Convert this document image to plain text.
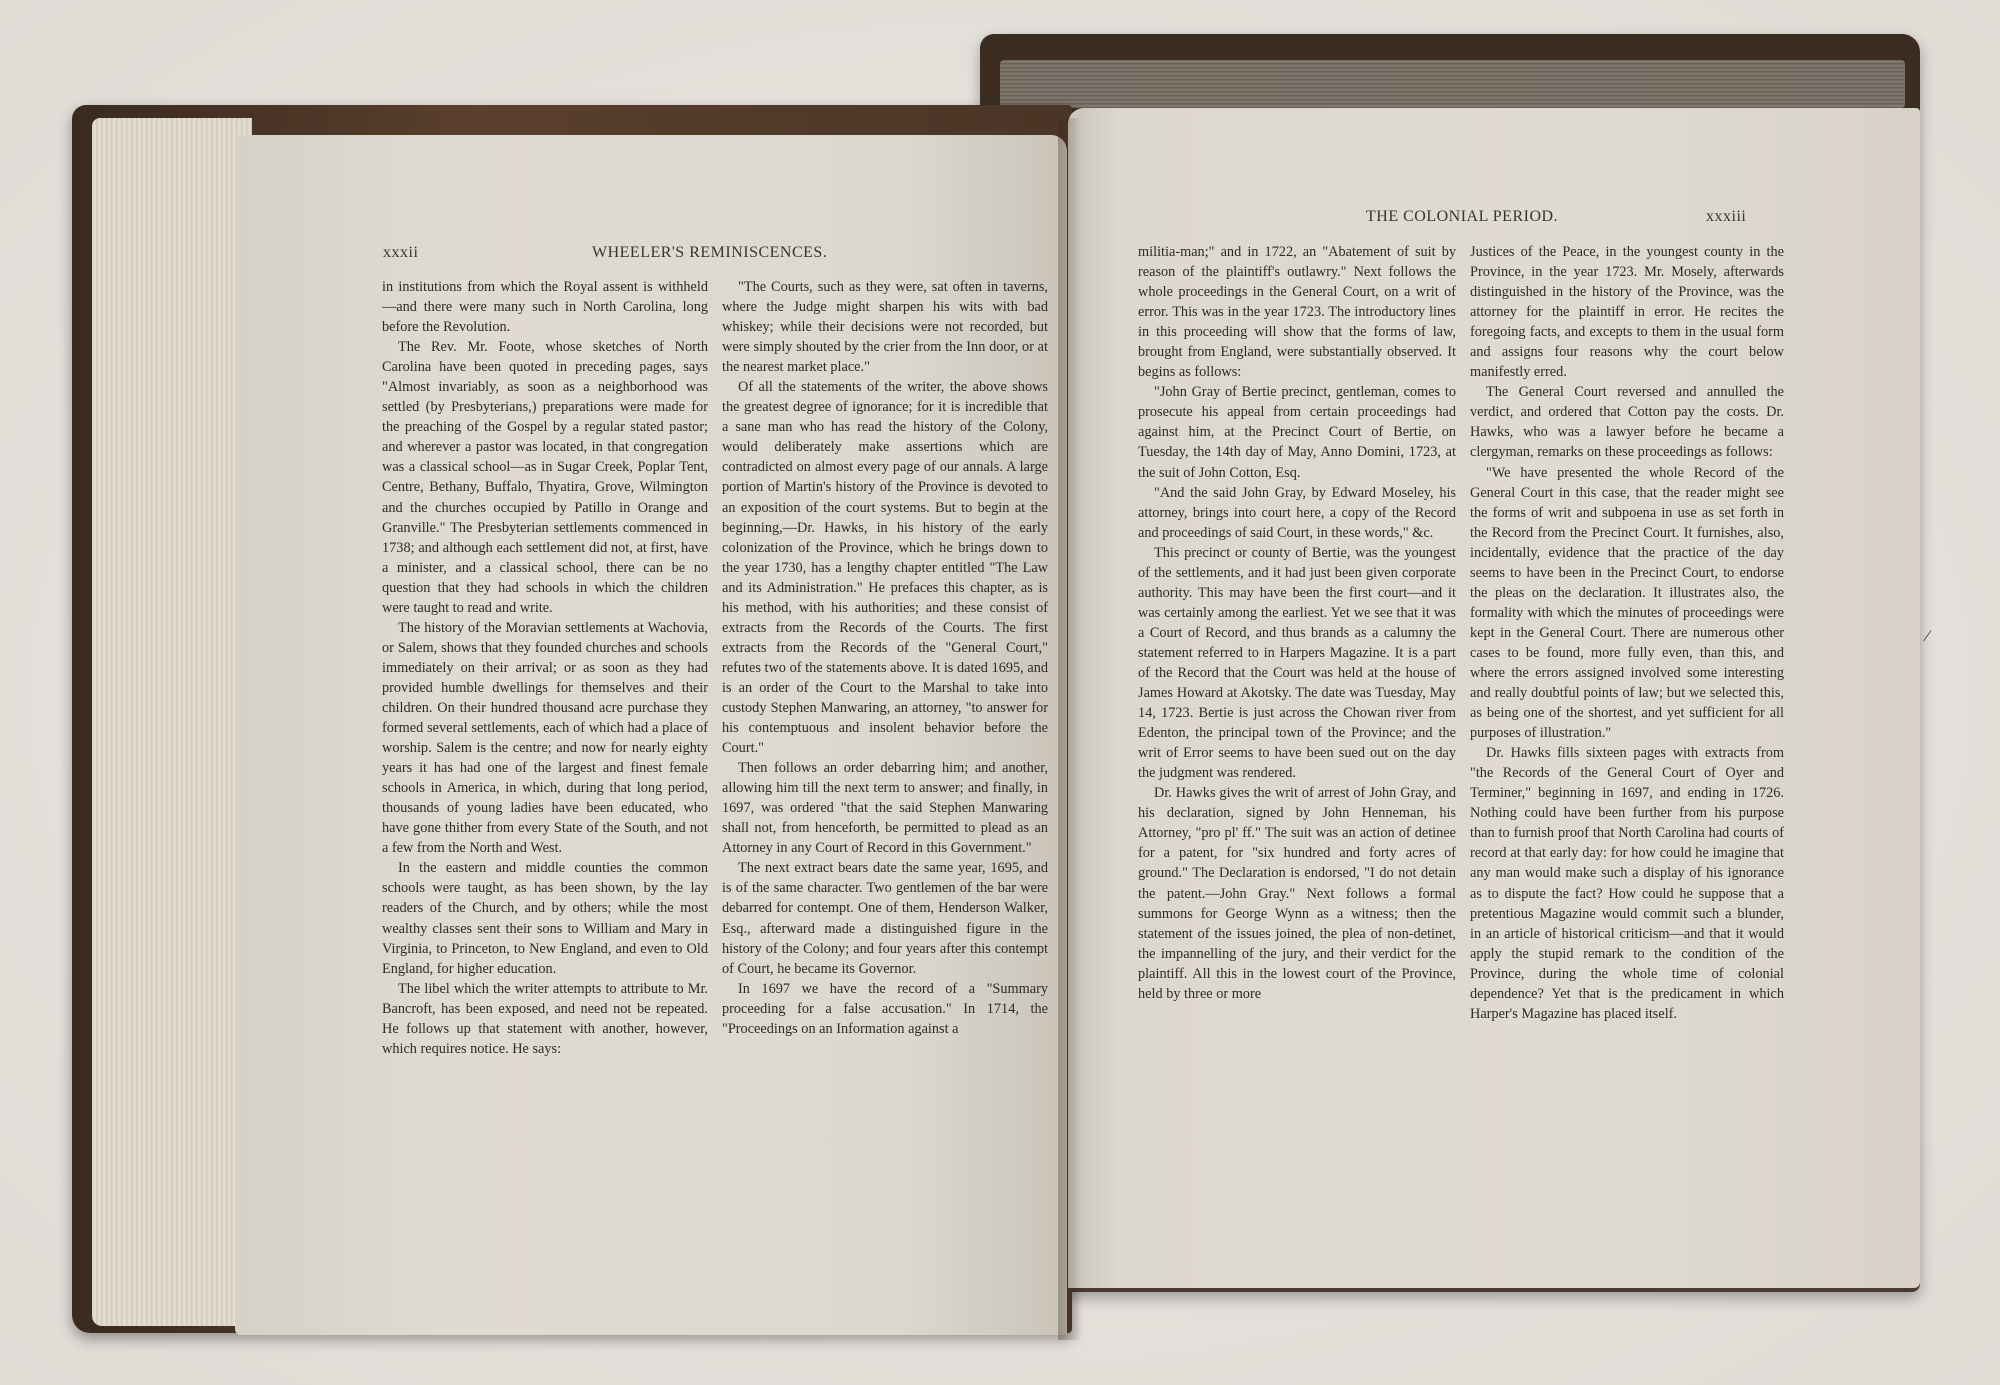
xxxii	WHEELER'S REMINISCENCES.
THE COLONIAL PERIOD.	xxxiii

in institutions from which the Royal assent is withheld—and there were many such in North Carolina, long before the Revolution.

The Rev. Mr. Foote, whose sketches of North Carolina have been quoted in preceding pages, says "Almost invariably, as soon as a neighborhood was settled (by Presbyterians,) preparations were made for the preaching of the Gospel by a regular stated pastor; and wherever a pastor was located, in that congregation was a classical school—as in Sugar Creek, Poplar Tent, Centre, Bethany, Buffalo, Thyatira, Grove, Wilmington and the churches occupied by Patillo in Orange and Granville." The Presbyterian settlements commenced in 1738; and although each settlement did not, at first, have a minister, and a classical school, there can be no question that they had schools in which the children were taught to read and write.

The history of the Moravian settlements at Wachovia, or Salem, shows that they founded churches and schools immediately on their arrival; or as soon as they had provided humble dwellings for themselves and their children. On their hundred thousand acre purchase they formed several settlements, each of which had a place of worship. Salem is the centre; and now for nearly eighty years it has had one of the largest and finest female schools in America, in which, during that long period, thousands of young ladies have been educated, who have gone thither from every State of the South, and not a few from the North and West.

In the eastern and middle counties the common schools were taught, as has been shown, by the lay readers of the Church, and by others; while the most wealthy classes sent their sons to William and Mary in Virginia, to Princeton, to New England, and even to Old England, for higher education.

The libel which the writer attempts to attribute to Mr. Bancroft, has been exposed, and need not be repeated. He follows up that statement with another, however, which requires notice. He says:

"The Courts, such as they were, sat often in taverns, where the Judge might sharpen his wits with bad whiskey; while their decisions were not recorded, but were simply shouted by the crier from the Inn door, or at the nearest market place."

Of all the statements of the writer, the above shows the greatest degree of ignorance; for it is incredible that a sane man who has read the history of the Colony, would deliberately make assertions which are contradicted on almost every page of our annals. A large portion of Martin's history of the Province is devoted to an exposition of the court systems. But to begin at the beginning,—Dr. Hawks, in his history of the early colonization of the Province, which he brings down to the year 1730, has a lengthy chapter entitled "The Law and its Administration." He prefaces this chapter, as is his method, with his authorities; and these consist of extracts from the Records of the Courts. The first extracts from the Records of the "General Court," refutes two of the statements above. It is dated 1695, and is an order of the Court to the Marshal to take into custody Stephen Manwaring, an attorney, "to answer for his contemptuous and insolent behavior before the Court."

Then follows an order debarring him; and another, allowing him till the next term to answer; and finally, in 1697, was ordered "that the said Stephen Manwaring shall not, from henceforth, be permitted to plead as an Attorney in any Court of Record in this Government."

The next extract bears date the same year, 1695, and is of the same character. Two gentlemen of the bar were debarred for contempt. One of them, Henderson Walker, Esq., afterward made a distinguished figure in the history of the Colony; and four years after this contempt of Court, he became its Governor.

In 1697 we have the record of a "Summary proceeding for a false accusation." In 1714, the "Proceedings on an Information against a

militia-man;" and in 1722, an "Abatement of suit by reason of the plaintiff's outlawry." Next follows the whole proceedings in the General Court, on a writ of error. This was in the year 1723. The introductory lines in this proceeding will show that the forms of law, brought from England, were substantially observed. It begins as follows:

"John Gray of Bertie precinct, gentleman, comes to prosecute his appeal from certain proceedings had against him, at the Precinct Court of Bertie, on Tuesday, the 14th day of May, Anno Domini, 1723, at the suit of John Cotton, Esq.

"And the said John Gray, by Edward Moseley, his attorney, brings into court here, a copy of the Record and proceedings of said Court, in these words," &c.

This precinct or county of Bertie, was the youngest of the settlements, and it had just been given corporate authority. This may have been the first court—and it was certainly among the earliest. Yet we see that it was a Court of Record, and thus brands as a calumny the statement referred to in Harpers Magazine. It is a part of the Record that the Court was held at the house of James Howard at Akotsky. The date was Tuesday, May 14, 1723. Bertie is just across the Chowan river from Edenton, the principal town of the Province; and the writ of Error seems to have been sued out on the day the judgment was rendered.

Dr. Hawks gives the writ of arrest of John Gray, and his declaration, signed by John Henneman, his Attorney, "pro pl' ff." The suit was an action of detinee for a patent, for "six hundred and forty acres of ground." The Declaration is endorsed, "I do not detain the patent.—John Gray." Next follows a formal summons for George Wynn as a witness; then the statement of the issues joined, the plea of non-detinet, the impannelling of the jury, and their verdict for the plaintiff. All this in the lowest court of the Province, held by three or more

Justices of the Peace, in the youngest county in the Province, in the year 1723. Mr. Mosely, afterwards distinguished in the history of the Province, was the attorney for the plaintiff in error. He recites the foregoing facts, and excepts to them in the usual form and assigns four reasons why the court below manifestly erred.

The General Court reversed and annulled the verdict, and ordered that Cotton pay the costs. Dr. Hawks, who was a lawyer before he became a clergyman, remarks on these proceedings as follows:

"We have presented the whole Record of the General Court in this case, that the reader might see the forms of writ and subpoena in use as set forth in the Record from the Precinct Court. It furnishes, also, incidentally, evidence that the practice of the day seems to have been in the Precinct Court, to endorse the pleas on the declaration. It illustrates also, the formality with which the minutes of proceedings were kept in the General Court. There are numerous other cases to be found, more fully even, than this, and where the errors assigned involved some interesting and really doubtful points of law; but we selected this, as being one of the shortest, and yet sufficient for all purposes of illustration."

Dr. Hawks fills sixteen pages with extracts from "the Records of the General Court of Oyer and Terminer," beginning in 1697, and ending in 1726. Nothing could have been further from his purpose than to furnish proof that North Carolina had courts of record at that early day: for how could he imagine that any man would make such a display of his ignorance as to dispute the fact? How could he suppose that a pretentious Magazine would commit such a blunder, in an article of historical criticism—and that it would apply the stupid remark to the condition of the Province, during the whole time of colonial dependence? Yet that is the predicament in which Harper's Magazine has placed itself.

⁄
